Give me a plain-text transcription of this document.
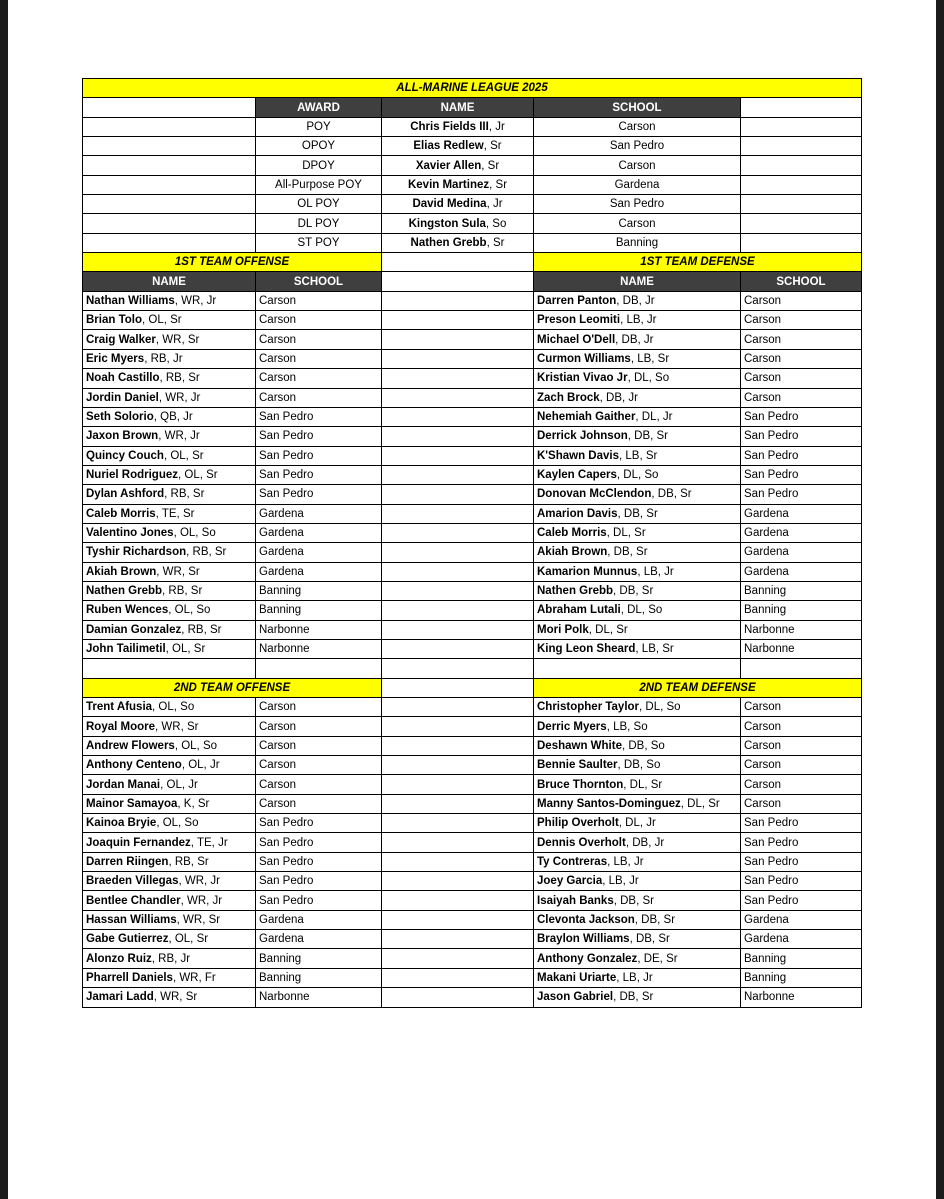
ALL-MARINE LEAGUE 2025				
	AWARD	NAME	SCHOOL	
	POY	Chris Fields III, Jr	Carson	
	OPOY	Elias Redlew, Sr	San Pedro	
	DPOY	Xavier Allen, Sr	Carson	
	All-Purpose POY	Kevin Martinez, Sr	Gardena	
	OL POY	David Medina, Jr	San Pedro	
	DL POY	Kingston Sula, So	Carson	
	ST POY	Nathen Grebb, Sr	Banning	
1ST TEAM OFFENSE			1ST TEAM DEFENSE	
NAME	SCHOOL		NAME	SCHOOL
Nathan Williams, WR, Jr	Carson		Darren Panton, DB, Jr	Carson
Brian Tolo, OL, Sr	Carson		Preson Leomiti, LB, Jr	Carson
Craig Walker, WR, Sr	Carson		Michael O'Dell, DB, Jr	Carson
Eric Myers, RB, Jr	Carson		Curmon Williams, LB, Sr	Carson
Noah Castillo, RB, Sr	Carson		Kristian Vivao Jr, DL, So	Carson
Jordin Daniel, WR, Jr	Carson		Zach Brock, DB, Jr	Carson
Seth Solorio, QB, Jr	San Pedro		Nehemiah Gaither, DL, Jr	San Pedro
Jaxon Brown, WR, Jr	San Pedro		Derrick Johnson, DB, Sr	San Pedro
Quincy Couch, OL, Sr	San Pedro		K'Shawn Davis, LB, Sr	San Pedro
Nuriel Rodriguez, OL, Sr	San Pedro		Kaylen Capers, DL, So	San Pedro
Dylan Ashford, RB, Sr	San Pedro		Donovan McClendon, DB, Sr	San Pedro
Caleb Morris, TE, Sr	Gardena		Amarion Davis, DB, Sr	Gardena
Valentino Jones, OL, So	Gardena		Caleb Morris, DL, Sr	Gardena
Tyshir Richardson, RB, Sr	Gardena		Akiah Brown, DB, Sr	Gardena
Akiah Brown, WR, Sr	Gardena		Kamarion Munnus, LB, Jr	Gardena
Nathen Grebb, RB, Sr	Banning		Nathen Grebb, DB, Sr	Banning
Ruben Wences, OL, So	Banning		Abraham Lutali, DL, So	Banning
Damian Gonzalez, RB, Sr	Narbonne		Mori Polk, DL, Sr	Narbonne
John Tailimetil, OL, Sr	Narbonne		King Leon Sheard, LB, Sr	Narbonne

2ND TEAM OFFENSE			2ND TEAM DEFENSE	
Trent Afusia, OL, So	Carson		Christopher Taylor, DL, So	Carson
Royal Moore, WR, Sr	Carson		Derric Myers, LB, So	Carson
Andrew Flowers, OL, So	Carson		Deshawn White, DB, So	Carson
Anthony Centeno, OL, Jr	Carson		Bennie Saulter, DB, So	Carson
Jordan Manai, OL, Jr	Carson		Bruce Thornton, DL, Sr	Carson
Mainor Samayoa, K, Sr	Carson		Manny Santos-Dominguez, DL, Sr	Carson
Kainoa Bryie, OL, So	San Pedro		Philip Overholt, DL, Jr	San Pedro
Joaquin Fernandez, TE, Jr	San Pedro		Dennis Overholt, DB, Jr	San Pedro
Darren Riingen, RB, Sr	San Pedro		Ty Contreras, LB, Jr	San Pedro
Braeden Villegas, WR, Jr	San Pedro		Joey Garcia, LB, Jr	San Pedro
Bentlee Chandler, WR, Jr	San Pedro		Isaiyah Banks, DB, Sr	San Pedro
Hassan Williams, WR, Sr	Gardena		Clevonta Jackson, DB, Sr	Gardena
Gabe Gutierrez, OL, Sr	Gardena		Braylon Williams, DB, Sr	Gardena
Alonzo Ruiz, RB, Jr	Banning		Anthony Gonzalez, DE, Sr	Banning
Pharrell Daniels, WR, Fr	Banning		Makani Uriarte, LB, Jr	Banning
Jamari Ladd, WR, Sr	Narbonne		Jason Gabriel, DB, Sr	Narbonne
